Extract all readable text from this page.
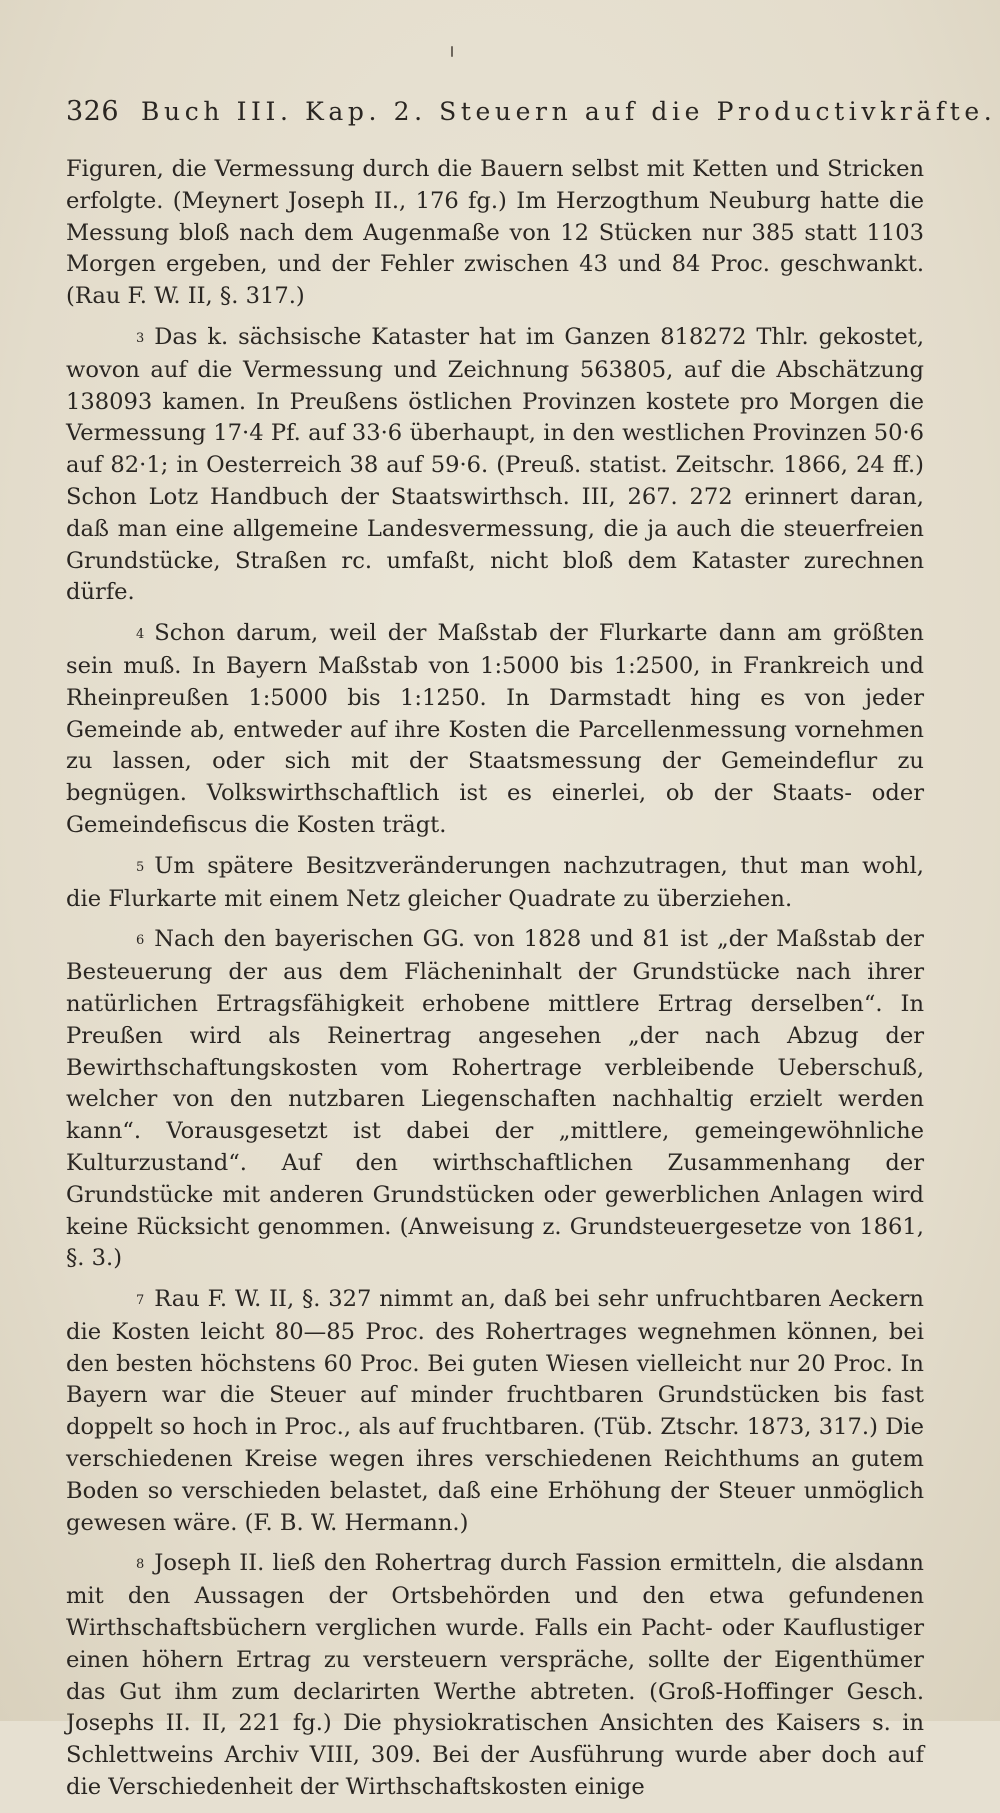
326 Buch III. Kap. 2. Steuern auf die Productivkräfte.

Figuren, die Vermessung durch die Bauern selbst mit Ketten und Stricken erfolgte. (Meynert Joseph II., 176 fg.) Im Herzogthum Neuburg hatte die Messung bloß nach dem Augenmaße von 12 Stücken nur 385 statt 1103 Morgen ergeben, und der Fehler zwischen 43 und 84 Proc. geschwankt. (Rau F. W. II, §. 317.)

3 Das k. sächsische Kataster hat im Ganzen 818272 Thlr. gekostet, wovon auf die Vermessung und Zeichnung 563805, auf die Abschätzung 138093 kamen. In Preußens östlichen Provinzen kostete pro Morgen die Vermessung 17·4 Pf. auf 33·6 überhaupt, in den westlichen Provinzen 50·6 auf 82·1; in Oesterreich 38 auf 59·6. (Preuß. statist. Zeitschr. 1866, 24 ff.) Schon Lotz Handbuch der Staatswirthsch. III, 267. 272 erinnert daran, daß man eine allgemeine Landesvermessung, die ja auch die steuerfreien Grundstücke, Straßen rc. umfaßt, nicht bloß dem Kataster zurechnen dürfe.

4 Schon darum, weil der Maßstab der Flurkarte dann am größten sein muß. In Bayern Maßstab von 1:5000 bis 1:2500, in Frankreich und Rheinpreußen 1:5000 bis 1:1250. In Darmstadt hing es von jeder Gemeinde ab, entweder auf ihre Kosten die Parcellenmessung vornehmen zu lassen, oder sich mit der Staatsmessung der Gemeindeflur zu begnügen. Volkswirthschaftlich ist es einerlei, ob der Staats- oder Gemeindefiscus die Kosten trägt.

5 Um spätere Besitzveränderungen nachzutragen, thut man wohl, die Flurkarte mit einem Netz gleicher Quadrate zu überziehen.

6 Nach den bayerischen GG. von 1828 und 81 ist „der Maßstab der Besteuerung der aus dem Flächeninhalt der Grundstücke nach ihrer natürlichen Ertragsfähigkeit erhobene mittlere Ertrag derselben“. In Preußen wird als Reinertrag angesehen „der nach Abzug der Bewirthschaftungskosten vom Rohertrage verbleibende Ueberschuß, welcher von den nutzbaren Liegenschaften nachhaltig erzielt werden kann“. Vorausgesetzt ist dabei der „mittlere, gemeingewöhnliche Kulturzustand“. Auf den wirthschaftlichen Zusammenhang der Grundstücke mit anderen Grundstücken oder gewerblichen Anlagen wird keine Rücksicht genommen. (Anweisung z. Grundsteuergesetze von 1861, §. 3.)

7 Rau F. W. II, §. 327 nimmt an, daß bei sehr unfruchtbaren Aeckern die Kosten leicht 80—85 Proc. des Rohertrages wegnehmen können, bei den besten höchstens 60 Proc. Bei guten Wiesen vielleicht nur 20 Proc. In Bayern war die Steuer auf minder fruchtbaren Grundstücken bis fast doppelt so hoch in Proc., als auf fruchtbaren. (Tüb. Ztschr. 1873, 317.) Die verschiedenen Kreise wegen ihres verschiedenen Reichthums an gutem Boden so verschieden belastet, daß eine Erhöhung der Steuer unmöglich gewesen wäre. (F. B. W. Hermann.)

8 Joseph II. ließ den Rohertrag durch Fassion ermitteln, die alsdann mit den Aussagen der Ortsbehörden und den etwa gefundenen Wirthschaftsbüchern verglichen wurde. Falls ein Pacht- oder Kauflustiger einen höhern Ertrag zu versteuern verspräche, sollte der Eigenthümer das Gut ihm zum declarirten Werthe abtreten. (Groß-Hoffinger Gesch. Josephs II. II, 221 fg.) Die physiokratischen Ansichten des Kaisers s. in Schlettweins Archiv VIII, 309. Bei der Ausführung wurde aber doch auf die Verschiedenheit der Wirthschaftskosten einige
